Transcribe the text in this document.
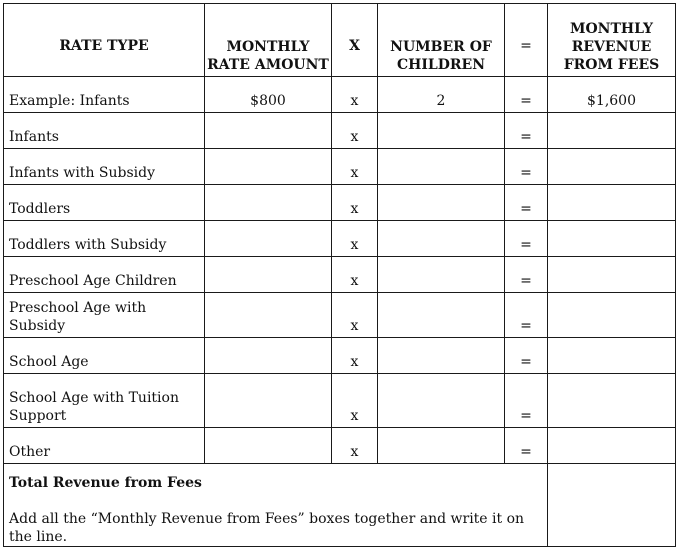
RATE TYPE	MONTHLY RATE AMOUNT	X	NUMBER OF CHILDREN	=	MONTHLY REVENUE FROM FEES
Example: Infants	$800	x	2	=	$1,600
Infants		x		=	
Infants with Subsidy		x		=	
Toddlers		x		=	
Toddlers with Subsidy		x		=	
Preschool Age Children		x		=	
Preschool Age with Subsidy		x		=	
School Age		x		=	
School Age with Tuition Support		x		=	
Other		x		=	

Total Revenue from Fees
Add all the “Monthly Revenue from Fees” boxes together and write it on the line.					
